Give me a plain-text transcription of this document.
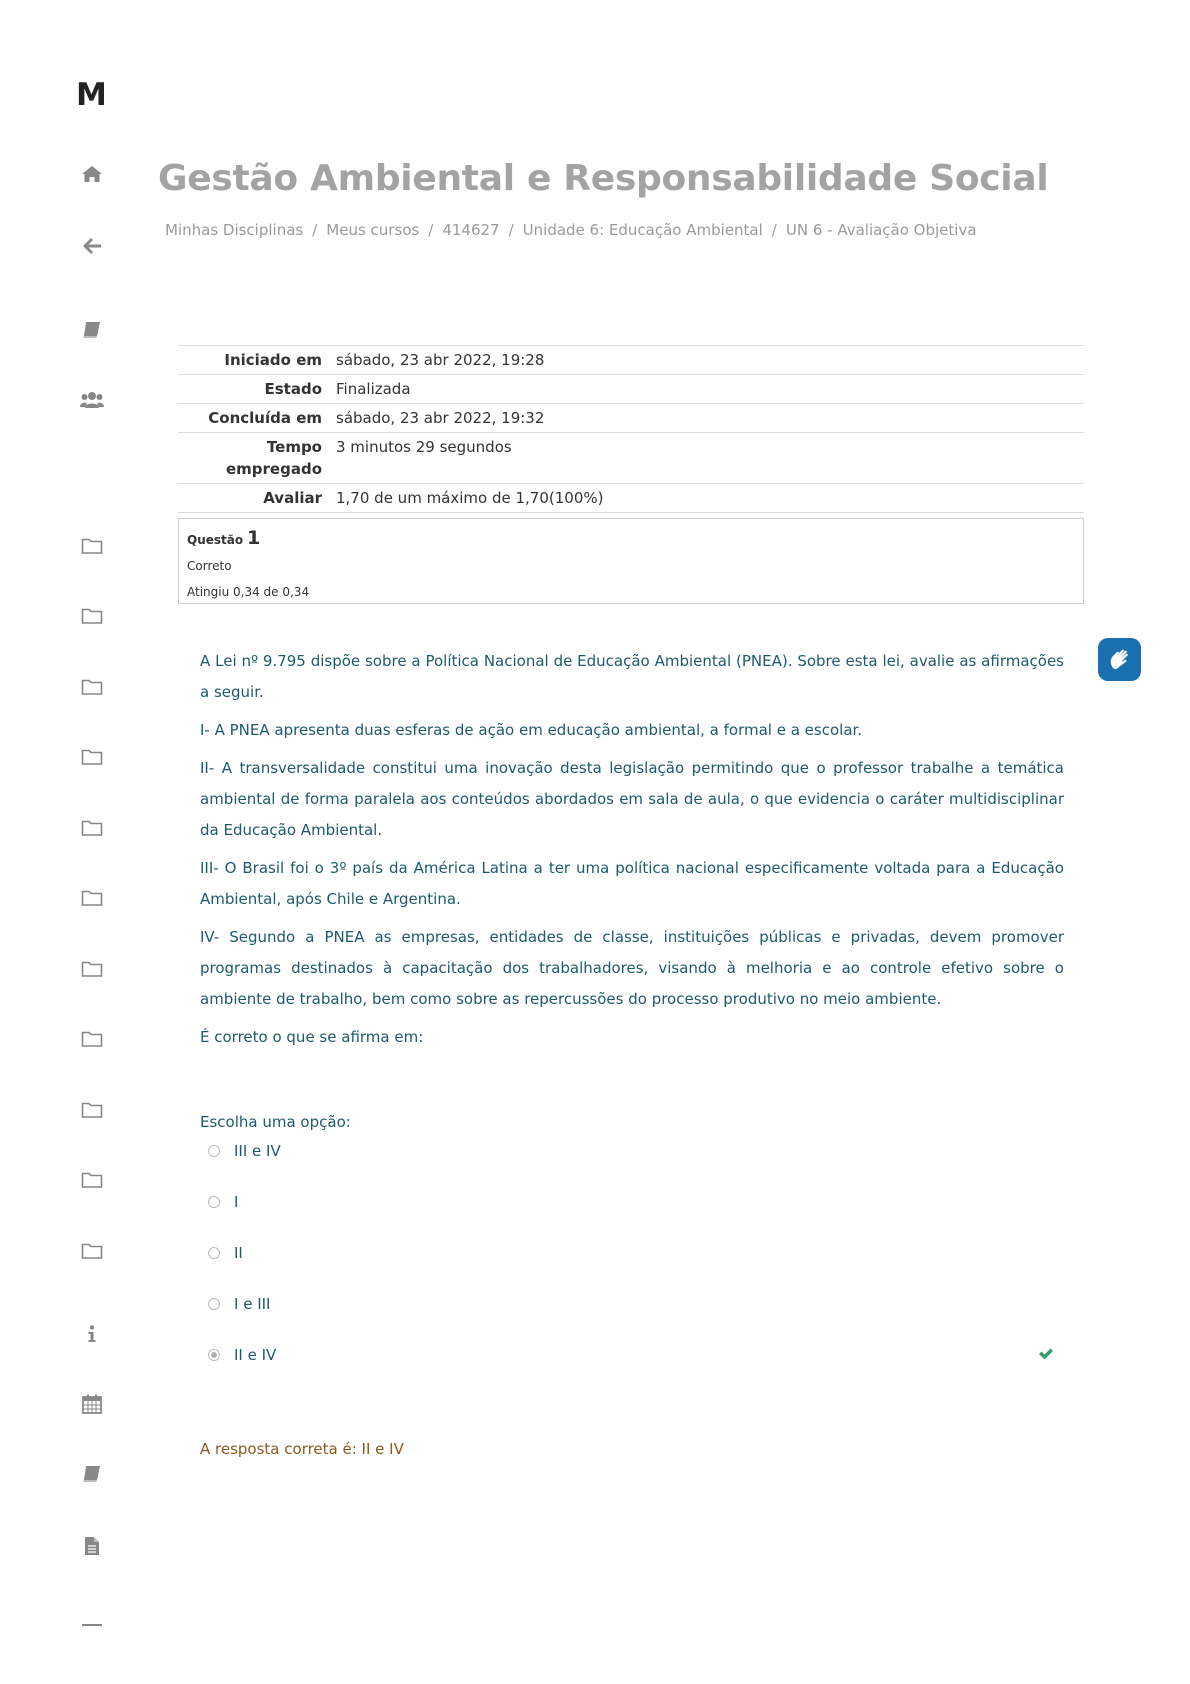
M
Gestão Ambiental e Responsabilidade Social
Minhas Disciplinas / Meus cursos / 414627 / Unidade 6: Educação Ambiental / UN 6 - Avaliação Objetiva
Iniciado em	sábado, 23 abr 2022, 19:28
Estado	Finalizada
Concluída em	sábado, 23 abr 2022, 19:32
Tempo empregado	3 minutos 29 segundos
Avaliar	1,70 de um máximo de 1,70(100%)
Questão 1
Correto
Atingiu 0,34 de 0,34

A Lei nº 9.795 dispõe sobre a Política Nacional de Educação Ambiental (PNEA). Sobre esta lei, avalie as afirmações a seguir.

I- A PNEA apresenta duas esferas de ação em educação ambiental, a formal e a escolar.

II- A transversalidade constitui uma inovação desta legislação permitindo que o professor trabalhe a temática ambiental de forma paralela aos conteúdos abordados em sala de aula, o que evidencia o caráter multidisciplinar da Educação Ambiental.

III- O Brasil foi o 3º país da América Latina a ter uma política nacional especificamente voltada para a Educação Ambiental, após Chile e Argentina.

IV- Segundo a PNEA as empresas, entidades de classe, instituições públicas e privadas, devem promover programas destinados à capacitação dos trabalhadores, visando à melhoria e ao controle efetivo sobre o ambiente de trabalho, bem como sobre as repercussões do processo produtivo no meio ambiente.

É correto o que se afirma em:

Escolha uma opção:
III e IV
I
II
I e III
II e IV
A resposta correta é: II e IV
